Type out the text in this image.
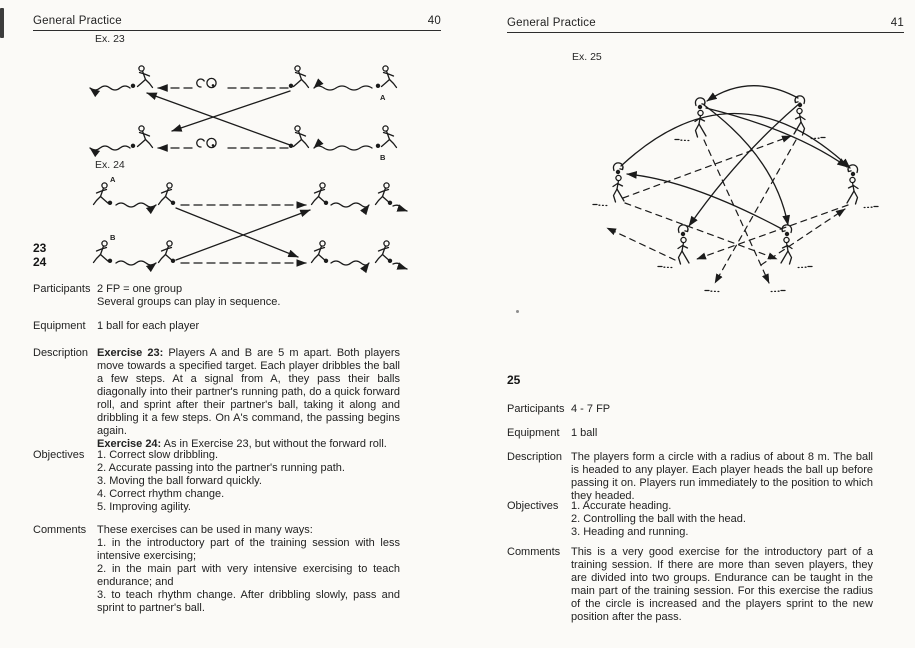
General Practice	40
Ex. 23
A
B
Ex. 24
A
B
23
24
Participants 2 FP = one group

Several groups can play in sequence.

Equipment	1 ball for each player

Description Exercise 23: Players A and B are 5 m apart. Both players move towards a specified target. Each player dribbles the ball a few steps. At a signal from A, they pass their balls diagonally into their partner's running path, do a quick forward roll, and sprint after their partner's ball, taking it along and dribbling it a few steps. On A's command, the passing begins again.

Exercise 24: As in Exercise 23, but without the forward roll.

Objectives	1. Correct slow dribbling.
2. Accurate passing into the partner's running path.
3. Moving the ball forward quickly.
4. Correct rhythm change.
5. Improving agility.
Comments These exercises can be used in many ways:

1. in the introductory part of the training session with less intensive exercising;

2. in the main part with very intensive exercising to teach endurance; and

3. to teach rhythm change. After dribbling slowly, pass and sprint to partner's ball.

General Practice	41
Ex. 25
25
Participants 4 - 7 FP

Equipment	1 ball

Description The players form a circle with a radius of about 8 m. The ball is headed to any player. Each player heads the ball up before passing it on. Players run immediately to the position to which they headed.

Objectives	1. Accurate heading.
2. Controlling the ball with the head.
3. Heading and running.
Comments This is a very good exercise for the introductory part of a training session. If there are more than seven players, they are divided into two groups. Endurance can be taught in the main part of the training session. For this exercise the radius of the circle is increased and the players sprint to the new position after the pass.
